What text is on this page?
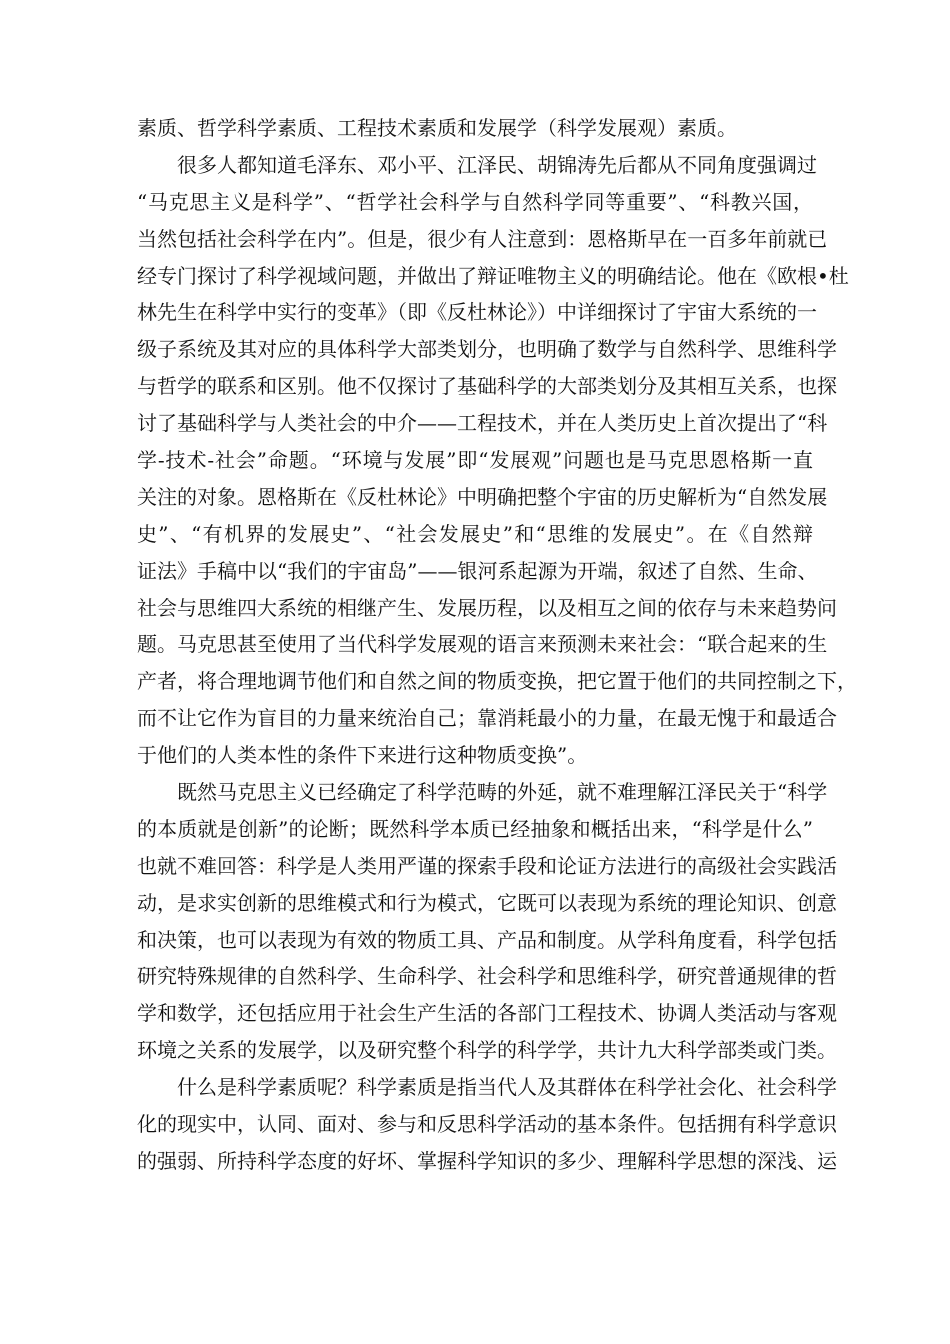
素质、哲学科学素质、工程技术素质和发展学（科学发展观）素质。
很多人都知道毛泽东、邓小平、江泽民、胡锦涛先后都从不同角度强调过
“马克思主义是科学”、“哲学社会科学与自然科学同等重要”、“科教兴国，
当然包括社会科学在内”。但是，很少有人注意到：恩格斯早在一百多年前就已
经专门探讨了科学视域问题，并做出了辩证唯物主义的明确结论。他在《欧根•杜
林先生在科学中实行的变革》（即《反杜林论》）中详细探讨了宇宙大系统的一
级子系统及其对应的具体科学大部类划分，也明确了数学与自然科学、思维科学
与哲学的联系和区别。他不仅探讨了基础科学的大部类划分及其相互关系，也探
讨了基础科学与人类社会的中介——工程技术，并在人类历史上首次提出了“科
学-技术-社会”命题。“环境与发展”即“发展观”问题也是马克思恩格斯一直
关注的对象。恩格斯在《反杜林论》中明确把整个宇宙的历史解析为“自然发展
史”、“有机界的发展史”、“社会发展史”和“思维的发展史”。在《自然辩
证法》手稿中以“我们的宇宙岛”——银河系起源为开端，叙述了自然、生命、
社会与思维四大系统的相继产生、发展历程，以及相互之间的依存与未来趋势问
题。马克思甚至使用了当代科学发展观的语言来预测未来社会：“联合起来的生
产者，将合理地调节他们和自然之间的物质变换，把它置于他们的共同控制之下，
而不让它作为盲目的力量来统治自己；靠消耗最小的力量，在最无愧于和最适合
于他们的人类本性的条件下来进行这种物质变换”。
既然马克思主义已经确定了科学范畴的外延，就不难理解江泽民关于“科学
的本质就是创新”的论断；既然科学本质已经抽象和概括出来，“科学是什么”
也就不难回答：科学是人类用严谨的探索手段和论证方法进行的高级社会实践活
动，是求实创新的思维模式和行为模式，它既可以表现为系统的理论知识、创意
和决策，也可以表现为有效的物质工具、产品和制度。从学科角度看，科学包括
研究特殊规律的自然科学、生命科学、社会科学和思维科学，研究普通规律的哲
学和数学，还包括应用于社会生产生活的各部门工程技术、协调人类活动与客观
环境之关系的发展学，以及研究整个科学的科学学，共计九大科学部类或门类。
什么是科学素质呢？科学素质是指当代人及其群体在科学社会化、社会科学
化的现实中，认同、面对、参与和反思科学活动的基本条件。包括拥有科学意识
的强弱、所持科学态度的好坏、掌握科学知识的多少、理解科学思想的深浅、运
